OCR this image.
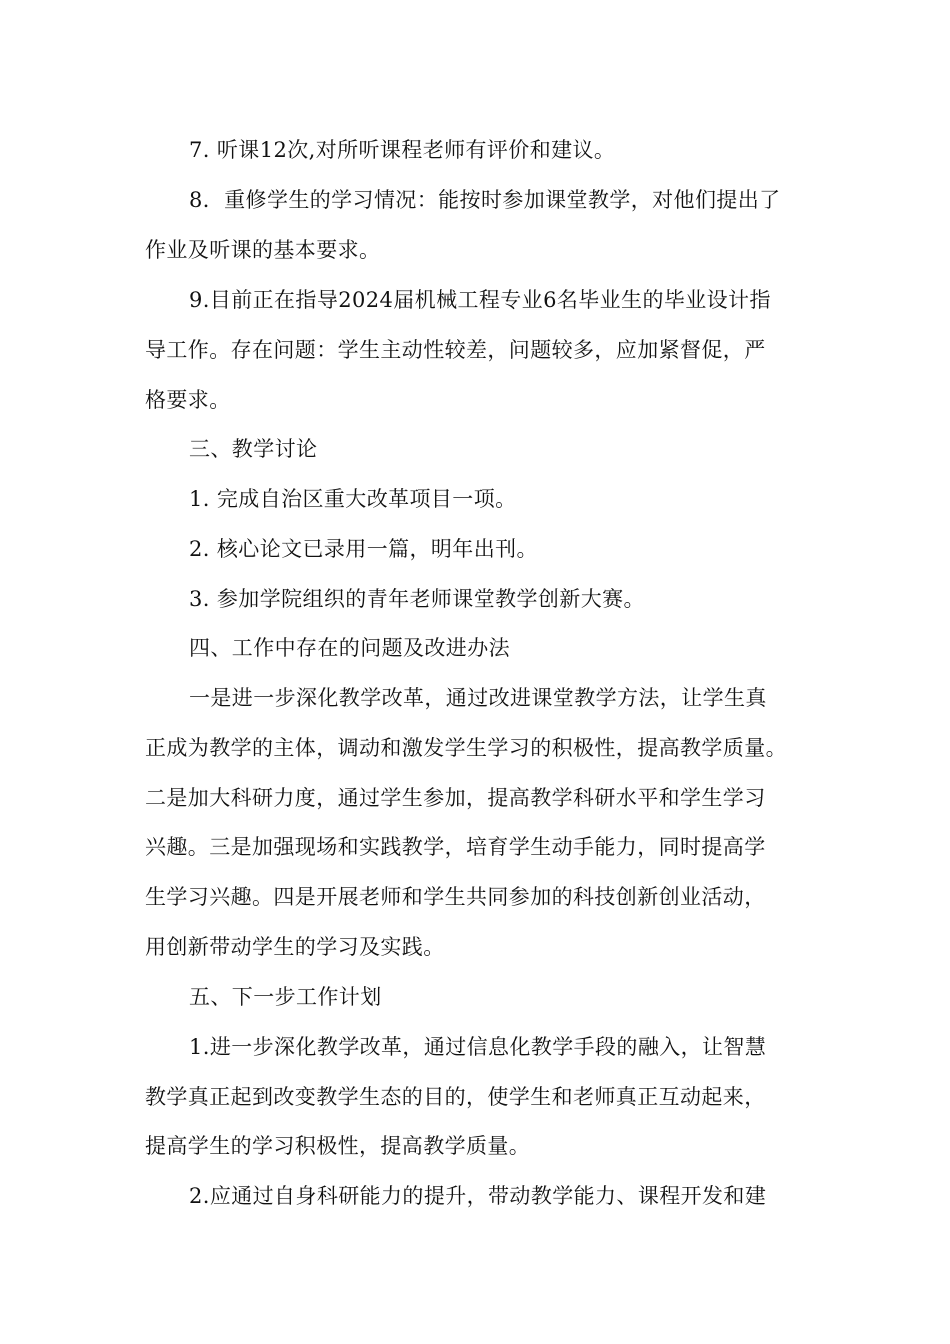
7. 听课12次,对所听课程老师有评价和建议。
8．重修学生的学习情况：能按时参加课堂教学，对他们提出了
作业及听课的基本要求。
9.目前正在指导2024届机械工程专业6名毕业生的毕业设计指
导工作。存在问题：学生主动性较差，问题较多，应加紧督促，严
格要求。
三、教学讨论
1. 完成自治区重大改革项目一项。
2. 核心论文已录用一篇，明年出刊。
3. 参加学院组织的青年老师课堂教学创新大赛。
四、工作中存在的问题及改进办法
一是进一步深化教学改革，通过改进课堂教学方法，让学生真
正成为教学的主体，调动和激发学生学习的积极性，提高教学质量。
二是加大科研力度，通过学生参加，提高教学科研水平和学生学习
兴趣。三是加强现场和实践教学，培育学生动手能力，同时提高学
生学习兴趣。四是开展老师和学生共同参加的科技创新创业活动，
用创新带动学生的学习及实践。
五、下一步工作计划
1.进一步深化教学改革，通过信息化教学手段的融入，让智慧
教学真正起到改变教学生态的目的，使学生和老师真正互动起来，
提高学生的学习积极性，提高教学质量。
2.应通过自身科研能力的提升，带动教学能力、课程开发和建
